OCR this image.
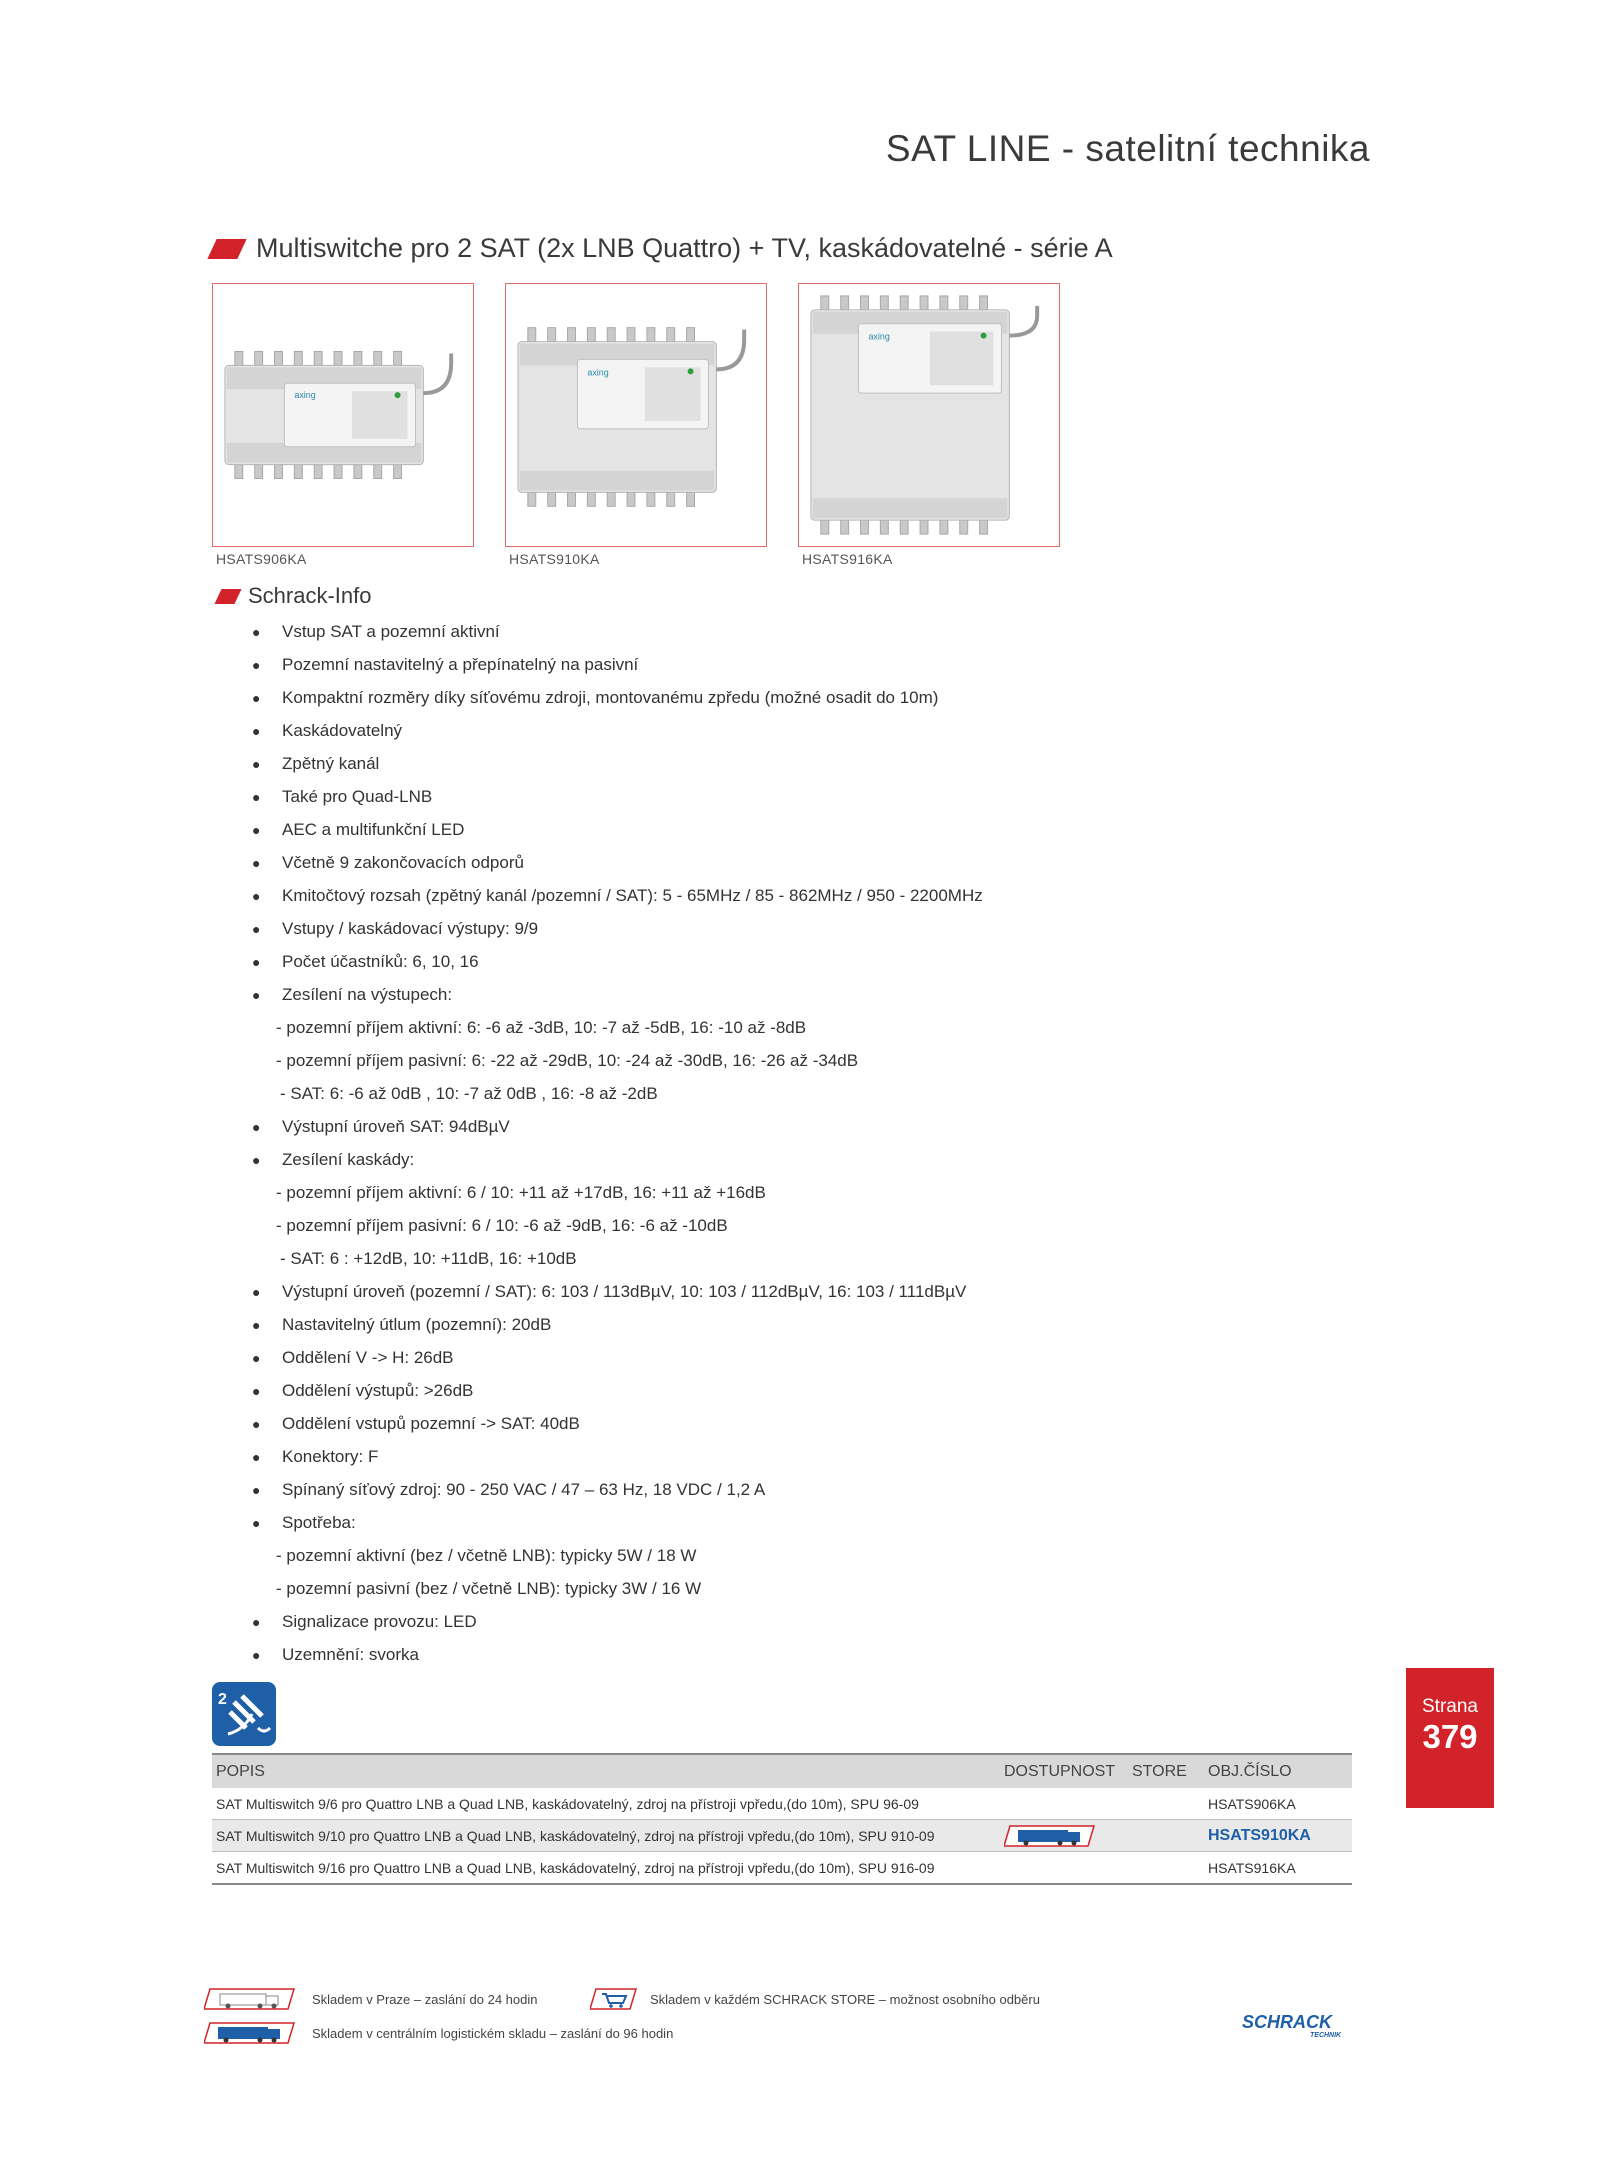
SAT LINE - satelitní technika
Multiswitche pro 2 SAT (2x LNB Quattro) + TV, kaskádovatelné - série A
axing
axing
axing
HSATS906KA	HSATS910KA	HSATS916KA
Schrack-Info
●	Vstup SAT a pozemní aktivní
●	Pozemní nastavitelný a přepínatelný na pasivní
●	Kompaktní rozměry díky síťovému zdroji, montovanému zpředu (možné osadit do 10m)
●	Kaskádovatelný
●	Zpětný kanál
●	Také pro Quad-LNB
●	AEC a multifunkční LED
●	Včetně 9 zakončovacích odporů
●	Kmitočtový rozsah (zpětný kanál /pozemní / SAT): 5 - 65MHz / 85 - 862MHz / 950 - 2200MHz
●	Vstupy / kaskádovací výstupy: 9/9
●	Počet účastníků: 6, 10, 16
●	Zesílení na výstupech:
- pozemní příjem aktivní: 6: -6 až -3dB, 10: -7 až -5dB, 16: -10 až -8dB
- pozemní příjem pasivní: 6: -22 až -29dB, 10: -24 až -30dB, 16: -26 až -34dB
- SAT: 6: -6 až 0dB , 10: -7 až 0dB , 16: -8 až -2dB
●	Výstupní úroveň SAT: 94dBµV
●	Zesílení kaskády:
- pozemní příjem aktivní: 6 / 10: +11 až +17dB, 16: +11 až +16dB
- pozemní příjem pasivní: 6 / 10: -6 až -9dB, 16: -6 až -10dB
- SAT: 6 : +12dB, 10: +11dB, 16: +10dB
●	Výstupní úroveň (pozemní / SAT): 6: 103 / 113dBµV, 10: 103 / 112dBµV, 16: 103 / 111dBµV
●	Nastavitelný útlum (pozemní): 20dB
●	Oddělení V -> H: 26dB
●	Oddělení výstupů: >26dB
●	Oddělení vstupů pozemní -> SAT: 40dB
●	Konektory: F
●	Spínaný síťový zdroj: 90 - 250 VAC / 47 – 63 Hz, 18 VDC / 1,2 A
●	Spotřeba:
- pozemní aktivní (bez / včetně LNB): typicky 5W / 18 W
- pozemní pasivní (bez / včetně LNB): typicky 3W / 16 W
●	Signalizace provozu: LED
●	Uzemnění: svorka
2	Strana
379
POPIS	DOSTUPNOST	STORE	OBJ.ČÍSLO
SAT Multiswitch 9/6 pro Quattro LNB a Quad LNB, kaskádovatelný, zdroj na přístroji vpředu,(do 10m), SPU 96-09			HSATS906KA
SAT Multiswitch 9/10 pro Quattro LNB a Quad LNB, kaskádovatelný, zdroj na přístroji vpředu,(do 10m), SPU 910-09			HSATS910KA
SAT Multiswitch 9/16 pro Quattro LNB a Quad LNB, kaskádovatelný, zdroj na přístroji vpředu,(do 10m), SPU 916-09			HSATS916KA
Skladem v Praze – zaslání do 24 hodin	Skladem v každém SCHRACK STORE – možnost osobního odběru
Skladem v centrálním logistickém skladu – zaslání do 96 hodin
SCHRACK
TECHNIK
